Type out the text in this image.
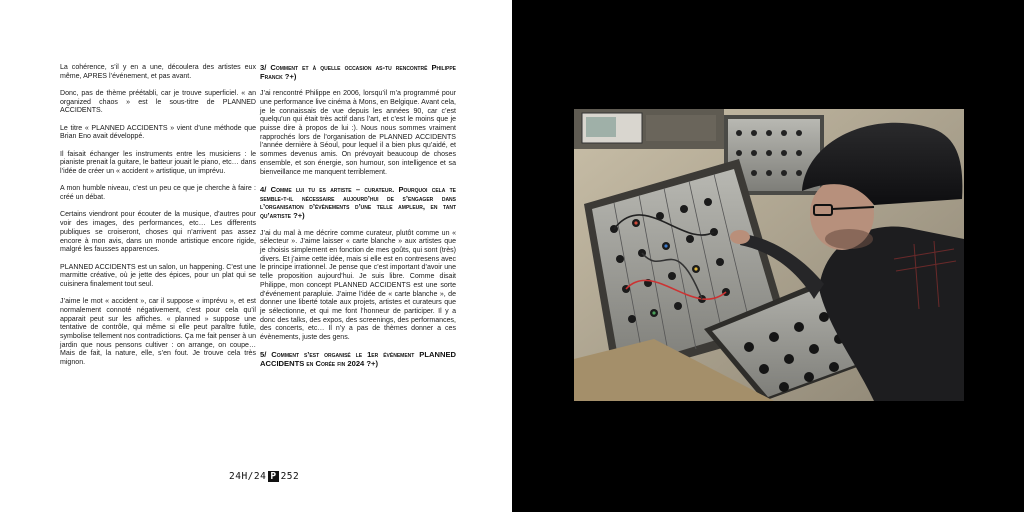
La cohérence, s’il y en a une, découlera des artistes eux même, APRES l’événement, et pas avant.

Donc, pas de thème préétabli, car je trouve superficiel. « an organized chaos » est le sous-titre de PLANNED ACCIDENTS.

Le titre « PLANNED ACCIDENTS » vient d’une méthode que Brian Eno avait développé.

Il faisait échanger les instruments entre les musiciens : le pianiste prenait la guitare, le batteur jouait le piano, etc… dans l’idée de créer un « accident » artistique, un imprévu.

A mon humble niveau, c’est un peu ce que je cherche à faire : créé un débat.

Certains viendront pour écouter de la musique, d’autres pour voir des images, des performances, etc… Les differents publiques se croiseront, choses qui n’arrivent pas assez encore à mon avis, dans un monde artistique encore rigide, malgré les fausses apparences.

PLANNED ACCIDENTS est un salon, un happening. C’est une marmitte créative, où je jette des épices, pour un plat qui se cuisinera finalement tout seul.

J’aime le mot « accident », car il suppose « imprévu », et est normalement connoté négativement, c’est pour cela qu’il apparait peut sur les affiches. « planned » suppose une tentative de contrôle, qui même si elle peut paraître futile, symbolise tellement nos contradictions. Ça me fait penser à un jardin que nous pensons cultiver : on arrange, on coupe… Mais de fait, la nature, elle, s’en fout. Je trouve cela très mignon.

3/ Comment et à quelle occasion as-tu rencontré Philippe Franck ?+)

J’ai rencontré Philippe en 2006, lorsqu’il m’a programmé pour une performance live cinéma à Mons, en Belgique. Avant cela, je le connaissais de vue depuis les années 90, car c’est quelqu’un qui était très actif dans l’art, et c’est le moins que je puisse dire à propos de lui :). Nous nous sommes vraiment rapprochés lors de l’organisation de PLANNED ACCIDENTS l’année dernière à Séoul, pour lequel il a bien plus qu’aidé, et sommes devenus amis. On prévoyait beaucoup de choses ensemble, et son énergie, son humour, son intelligence et sa bienveillance me manquent terriblement.

4/ Comme lui tu es artiste – curateur. Pourquoi cela te semble-t-il nécessaire aujourd’hui de s’engager dans l’organisation d’évènements d’une telle ampleur, en tant qu’artiste ?+)

J’ai du mal à me décrire comme curateur, plutôt comme un « sélecteur ». J’aime laisser « carte blanche » aux artistes que je choisis simplement en fonction de mes goûts, qui sont (très) divers. Et j’aime cette idée, mais si elle est en contresens avec le principe irrationnel. Je pense que c’est important d’avoir une telle proposition aujourd’hui. Je suis libre. Comme disait Philippe, mon concept PLANNED ACCIDENTS est une sorte d’événement parapluie. J’aime l’idée de « carte blanche », de donner une liberté totale aux projets, artistes et curateurs que je sélectionne, et qui me font l’honneur de participer. Il y a donc des talks, des expos, des screenings, des performances, des concerts, etc… Il n’y a pas de thèmes donner a ces évènements, juste des gens.

5/ Comment s’est organisé le 1er événement PLANNED ACCIDENTS en Corée fin 2024 ?+)

24H/24 P 252
